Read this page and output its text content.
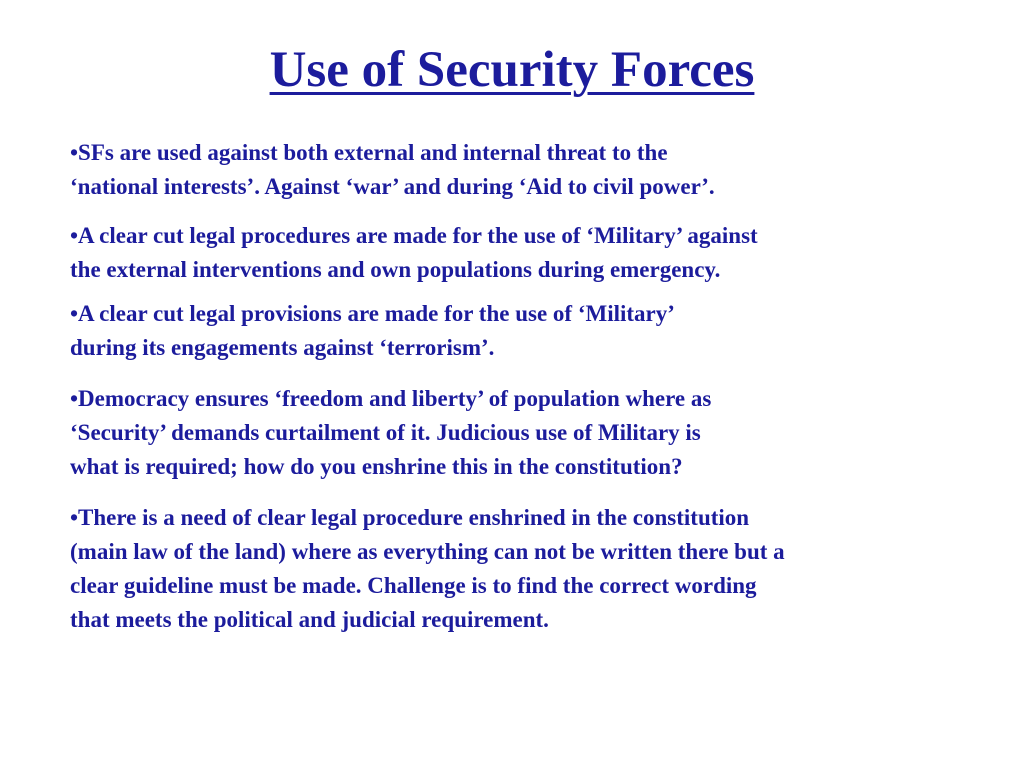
Use of Security Forces

•SFs are used against both external and internal threat to the
‘national interests’. Against ‘war’ and during ‘Aid to civil power’.

•A clear cut legal procedures are made for the use of ‘Military’ against
the external interventions and own populations during emergency.

•A clear cut legal provisions are made for the use of ‘Military’
during its engagements against ‘terrorism’.

•Democracy ensures ‘freedom and liberty’ of population where as
‘Security’ demands curtailment of it. Judicious use of Military is
what is required; how do you enshrine this in the constitution?

•There is a need of clear legal procedure enshrined in the constitution
(main law of the land) where as everything can not be written there but a
clear guideline must be made. Challenge is to find the correct wording
that meets the political and judicial requirement.
